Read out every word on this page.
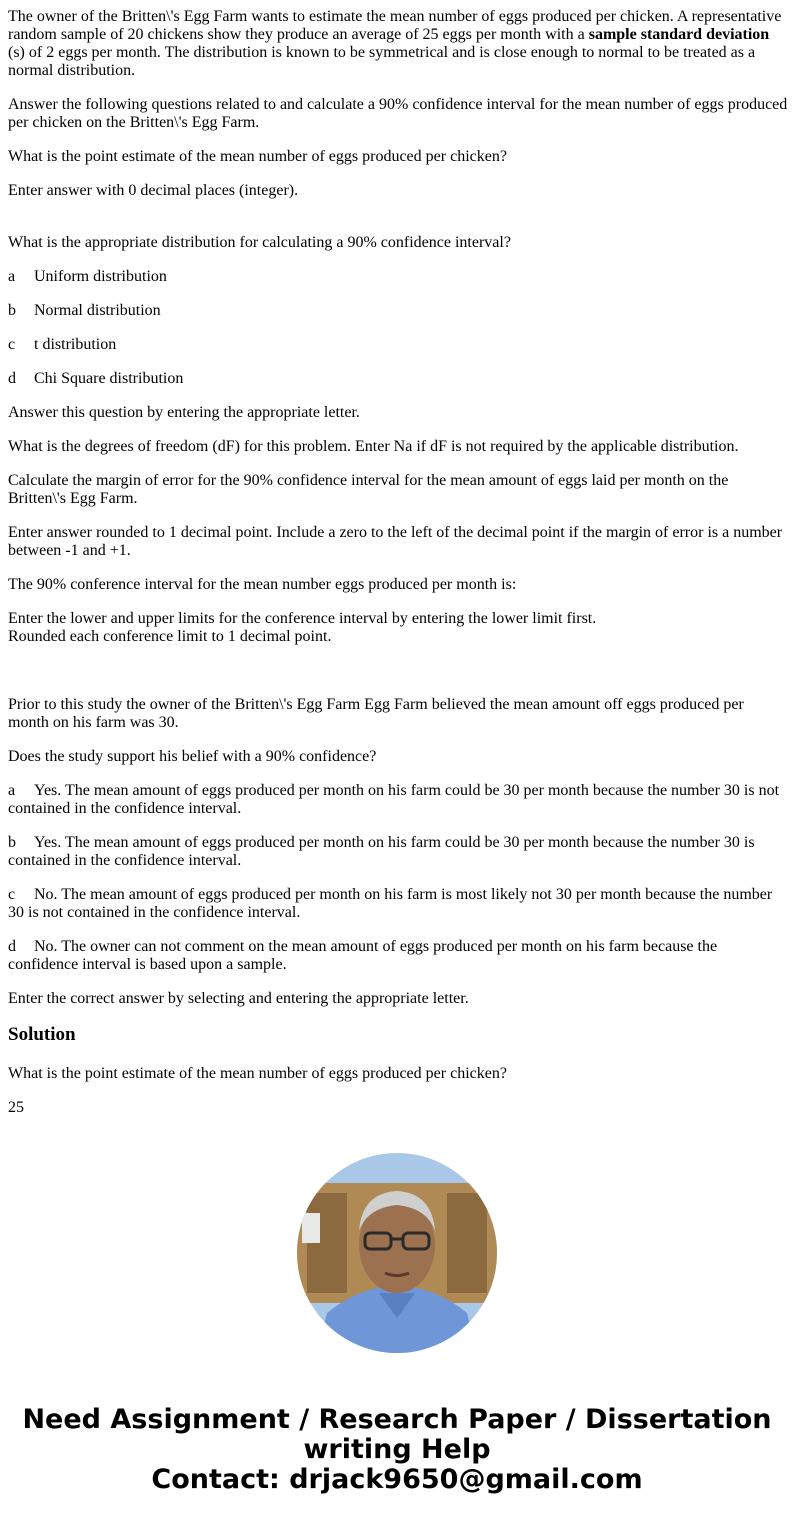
The owner of the Britten\'s Egg Farm wants to estimate the mean number of eggs produced per chicken. A representative random sample of 20 chickens show they produce an average of 25 eggs per month with a sample standard deviation (s) of 2 eggs per month. The distribution is known to be symmetrical and is close enough to normal to be treated as a normal distribution.

Answer the following questions related to and calculate a 90% confidence interval for the mean number of eggs produced per chicken on the Britten\'s Egg Farm.

What is the point estimate of the mean number of eggs produced per chicken?

Enter answer with 0 decimal places (integer).

What is the appropriate distribution for calculating a 90% confidence interval?

a Uniform distribution

b Normal distribution

c t distribution

d Chi Square distribution

Answer this question by entering the appropriate letter.

What is the degrees of freedom (dF) for this problem. Enter Na if dF is not required by the applicable distribution.

Calculate the margin of error for the 90% confidence interval for the mean amount of eggs laid per month on the Britten\'s Egg Farm.

Enter answer rounded to 1 decimal point. Include a zero to the left of the decimal point if the margin of error is a number between -1 and +1.

The 90% conference interval for the mean number eggs produced per month is:

Enter the lower and upper limits for the conference interval by entering the lower limit first.
Rounded each conference limit to 1 decimal point.

Prior to this study the owner of the Britten\'s Egg Farm Egg Farm believed the mean amount off eggs produced per month on his farm was 30.

Does the study support his belief with a 90% confidence?

a Yes. The mean amount of eggs produced per month on his farm could be 30 per month because the number 30 is not contained in the confidence interval.

b Yes. The mean amount of eggs produced per month on his farm could be 30 per month because the number 30 is contained in the confidence interval.

c No. The mean amount of eggs produced per month on his farm is most likely not 30 per month because the number 30 is not contained in the confidence interval.

d No. The owner can not comment on the mean amount of eggs produced per month on his farm because the confidence interval is based upon a sample.

Enter the correct answer by selecting and entering the appropriate letter.

Solution

What is the point estimate of the mean number of eggs produced per chicken?

25

Need Assignment / Research Paper / Dissertation
writing Help
Contact: drjack9650@gmail.com
